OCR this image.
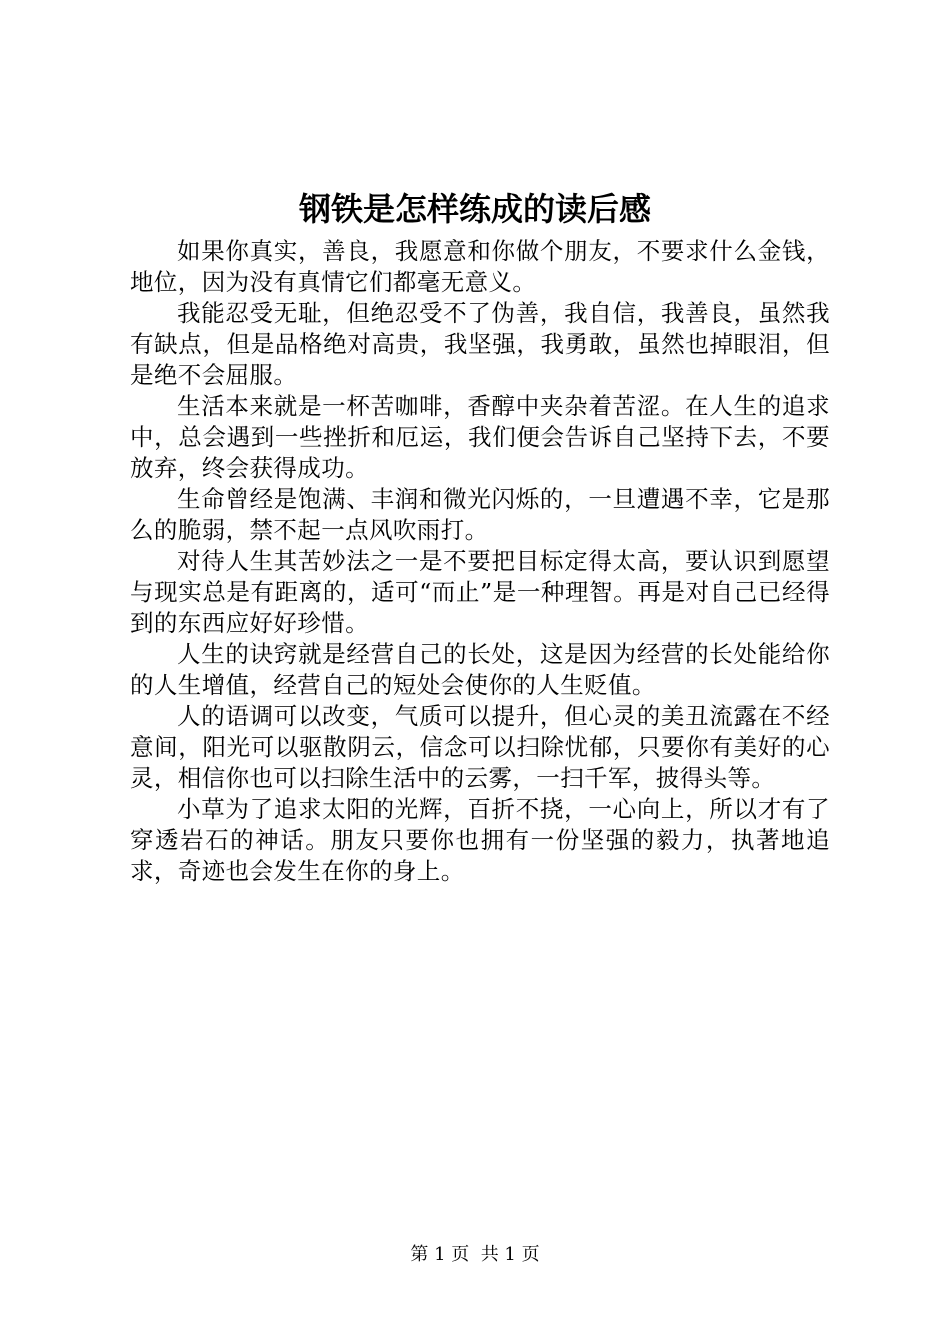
钢铁是怎样练成的读后感

如果你真实，善良，我愿意和你做个朋友，不要求什么金钱，地位，因为没有真情它们都毫无意义。

我能忍受无耻，但绝忍受不了伪善，我自信，我善良，虽然我有缺点，但是品格绝对高贵，我坚强，我勇敢，虽然也掉眼泪，但是绝不会屈服。

生活本来就是一杯苦咖啡，香醇中夹杂着苦涩。在人生的追求中，总会遇到一些挫折和厄运，我们便会告诉自己坚持下去，不要放弃，终会获得成功。

生命曾经是饱满、丰润和微光闪烁的，一旦遭遇不幸，它是那么的脆弱，禁不起一点风吹雨打。

对待人生其苦妙法之一是不要把目标定得太高，要认识到愿望与现实总是有距离的，适可“而止”是一种理智。再是对自己已经得到的东西应好好珍惜。

人生的诀窍就是经营自己的长处，这是因为经营的长处能给你的人生增值，经营自己的短处会使你的人生贬值。

人的语调可以改变，气质可以提升，但心灵的美丑流露在不经意间，阳光可以驱散阴云，信念可以扫除忧郁，只要你有美好的心灵，相信你也可以扫除生活中的云雾，一扫千军，披得头等。

小草为了追求太阳的光辉，百折不挠，一心向上，所以才有了穿透岩石的神话。朋友只要你也拥有一份坚强的毅力，执著地追求，奇迹也会发生在你的身上。

第 1 页  共 1 页
